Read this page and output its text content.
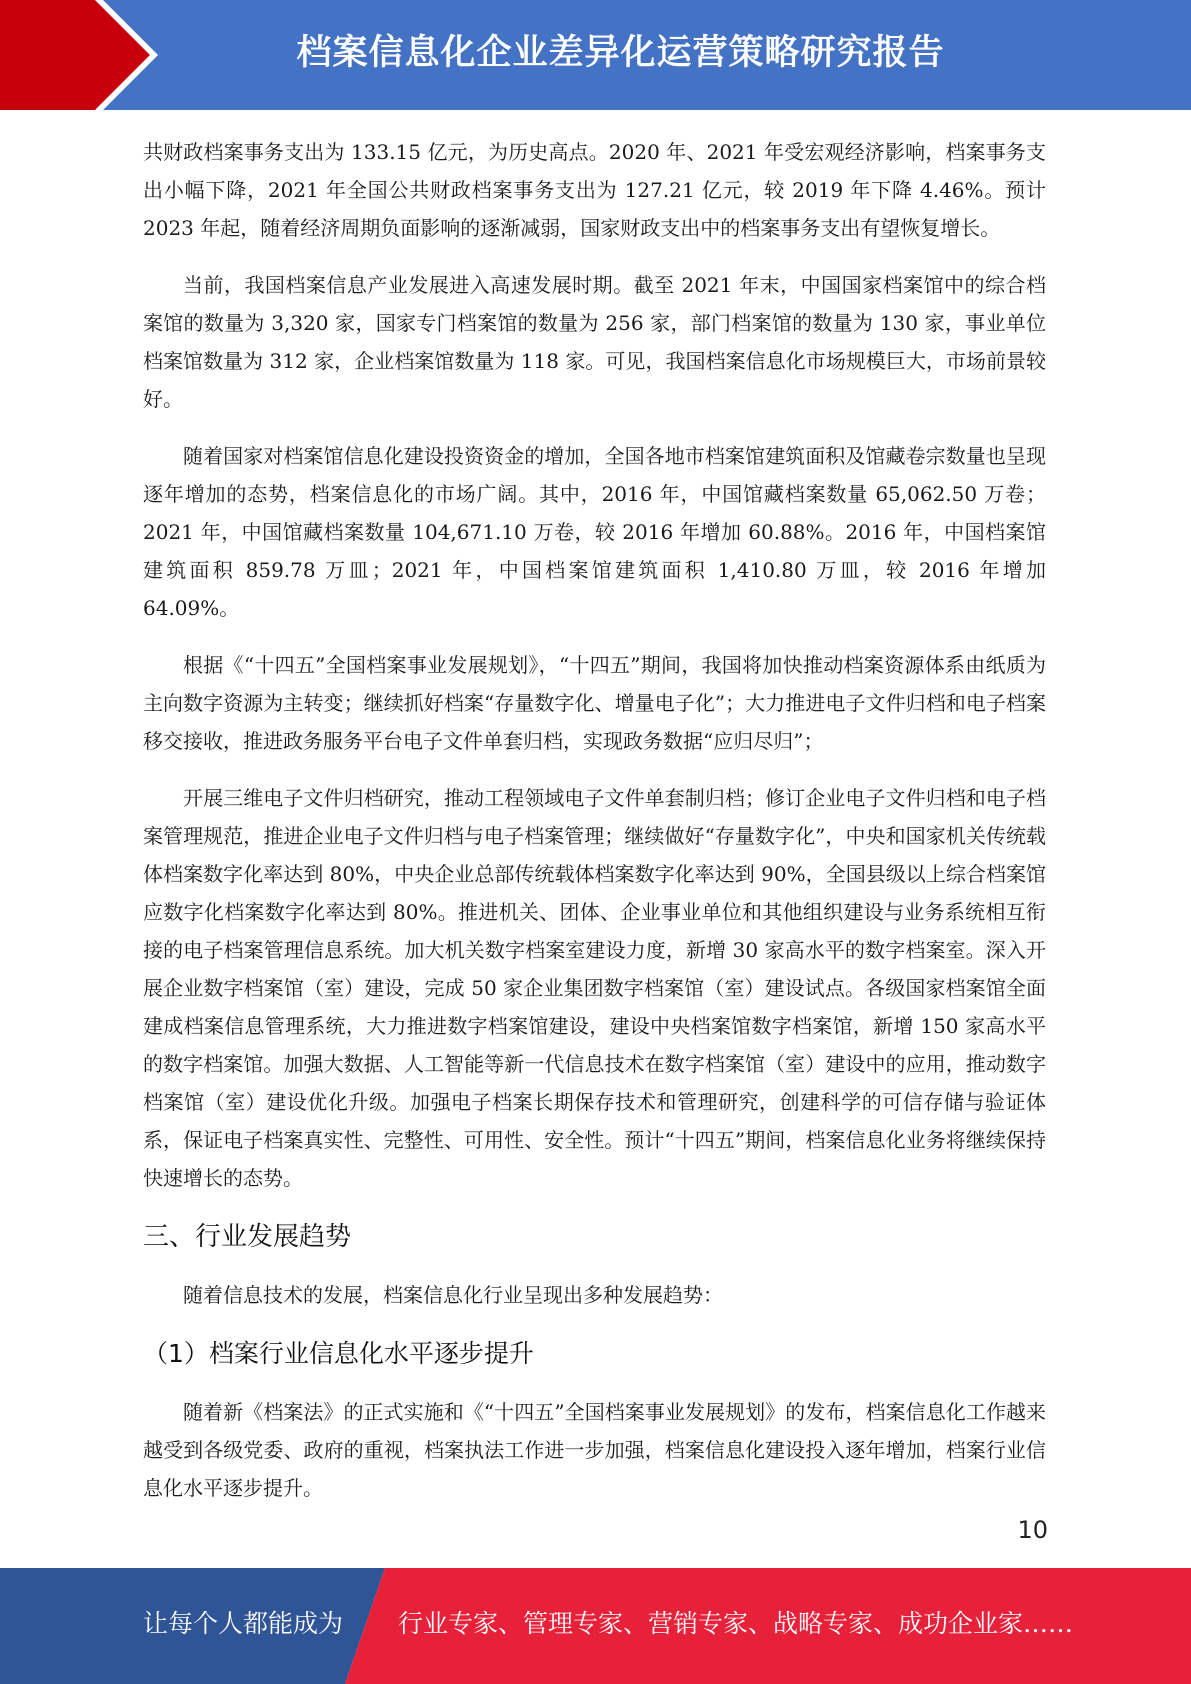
档案信息化企业差异化运营策略研究报告

共财政档案事务支出为 133.15 亿元，为历史高点。2020 年、2021 年受宏观经济影响，档案事务支出小幅下降，2021 年全国公共财政档案事务支出为 127.21 亿元，较 2019 年下降 4.46%。预计 2023 年起，随着经济周期负面影响的逐渐减弱，国家财政支出中的档案事务支出有望恢复增长。

当前，我国档案信息产业发展进入高速发展时期。截至 2021 年末，中国国家档案馆中的综合档案馆的数量为 3,320 家，国家专门档案馆的数量为 256 家，部门档案馆的数量为 130 家，事业单位档案馆数量为 312 家，企业档案馆数量为 118 家。可见，我国档案信息化市场规模巨大，市场前景较好。

随着国家对档案馆信息化建设投资资金的增加，全国各地市档案馆建筑面积及馆藏卷宗数量也呈现逐年增加的态势，档案信息化的市场广阔。其中，2016 年，中国馆藏档案数量 65,062.50 万卷；2021 年，中国馆藏档案数量 104,671.10 万卷，较 2016 年增加 60.88%。2016 年，中国档案馆建筑面积 859.78 万皿；2021 年，中国档案馆建筑面积 1,410.80 万皿，较 2016 年增加 64.09%。

根据《“十四五”全国档案事业发展规划》，“十四五”期间，我国将加快推动档案资源体系由纸质为主向数字资源为主转变；继续抓好档案“存量数字化、增量电子化”；大力推进电子文件归档和电子档案移交接收，推进政务服务平台电子文件单套归档，实现政务数据“应归尽归”；

开展三维电子文件归档研究，推动工程领域电子文件单套制归档；修订企业电子文件归档和电子档案管理规范，推进企业电子文件归档与电子档案管理；继续做好“存量数字化”，中央和国家机关传统载体档案数字化率达到 80%，中央企业总部传统载体档案数字化率达到 90%，全国县级以上综合档案馆应数字化档案数字化率达到 80%。推进机关、团体、企业事业单位和其他组织建设与业务系统相互衔接的电子档案管理信息系统。加大机关数字档案室建设力度，新增 30 家高水平的数字档案室。深入开展企业数字档案馆（室）建设，完成 50 家企业集团数字档案馆（室）建设试点。各级国家档案馆全面建成档案信息管理系统，大力推进数字档案馆建设，建设中央档案馆数字档案馆，新增 150 家高水平的数字档案馆。加强大数据、人工智能等新一代信息技术在数字档案馆（室）建设中的应用，推动数字档案馆（室）建设优化升级。加强电子档案长期保存技术和管理研究，创建科学的可信存储与验证体系，保证电子档案真实性、完整性、可用性、安全性。预计“十四五”期间，档案信息化业务将继续保持快速增长的态势。

三、行业发展趋势

随着信息技术的发展，档案信息化行业呈现出多种发展趋势：

（1）档案行业信息化水平逐步提升

随着新《档案法》的正式实施和《“十四五”全国档案事业发展规划》的发布，档案信息化工作越来越受到各级党委、政府的重视，档案执法工作进一步加强，档案信息化建设投入逐年增加，档案行业信息化水平逐步提升。

10
让每个人都能成为 行业专家、管理专家、营销专家、战略专家、成功企业家……
